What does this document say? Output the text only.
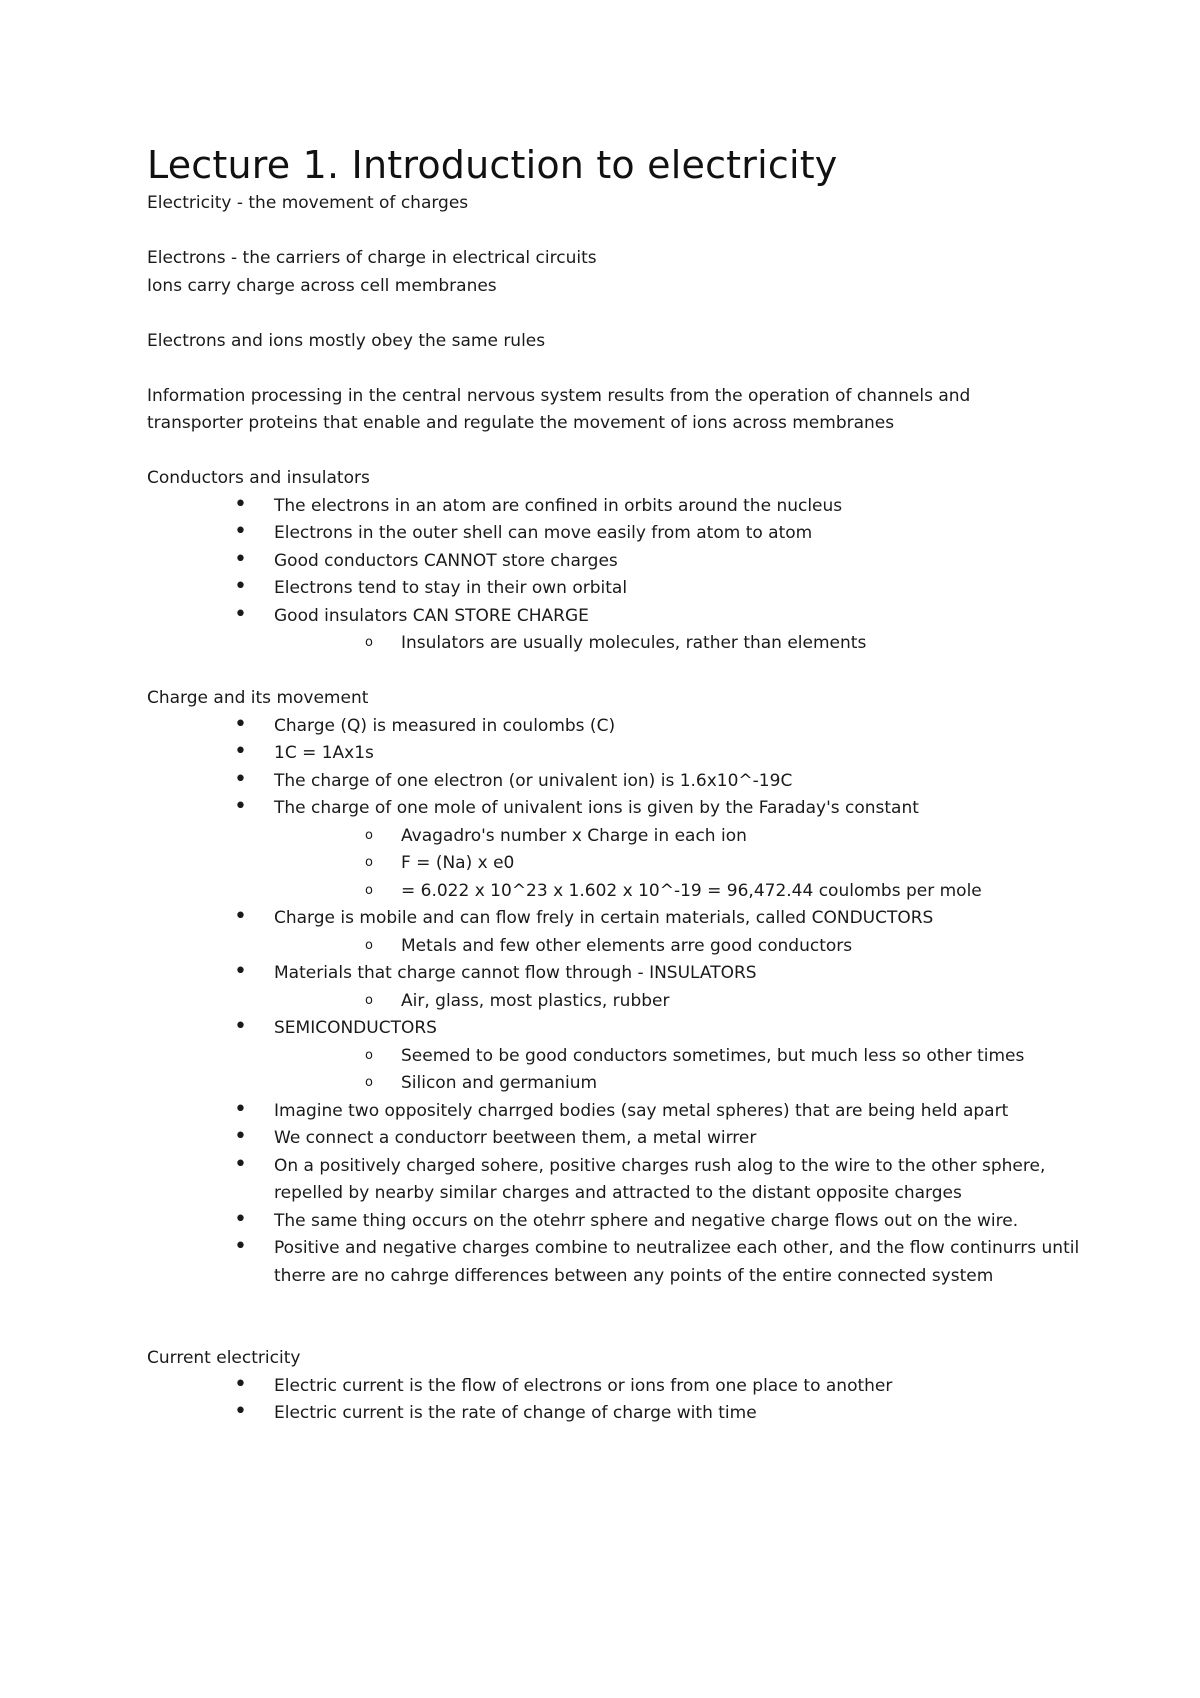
Lecture 1. Introduction to electricity
Electricity - the movement of charges
Electrons - the carriers of charge in electrical circuits
Ions carry charge across cell membranes
Electrons and ions mostly obey the same rules
Information processing in the central nervous system results from the operation of channels and
transporter proteins that enable and regulate the movement of ions across membranes
Conductors and insulators
• The electrons in an atom are confined in orbits around the nucleus
• Electrons in the outer shell can move easily from atom to atom
• Good conductors CANNOT store charges
• Electrons tend to stay in their own orbital
• Good insulators CAN STORE CHARGE
o Insulators are usually molecules, rather than elements
Charge and its movement
• Charge (Q) is measured in coulombs (C)
• 1C = 1Ax1s
• The charge of one electron (or univalent ion) is 1.6x10^-19C
• The charge of one mole of univalent ions is given by the Faraday's constant
o Avagadro's number x Charge in each ion
o F = (Na) x e0
o = 6.022 x 10^23 x 1.602 x 10^-19 = 96,472.44 coulombs per mole
• Charge is mobile and can flow frely in certain materials, called CONDUCTORS
o Metals and few other elements arre good conductors
• Materials that charge cannot flow through - INSULATORS
o Air, glass, most plastics, rubber
• SEMICONDUCTORS
o Seemed to be good conductors sometimes, but much less so other times
o Silicon and germanium
• Imagine two oppositely charrged bodies (say metal spheres) that are being held apart
• We connect a conductorr beetween them, a metal wirrer
• On a positively charged sohere, positive charges rush alog to the wire to the other sphere, repelled by nearby similar charges and attracted to the distant opposite charges
• The same thing occurs on the otehrr sphere and negative charge flows out on the wire.
• Positive and negative charges combine to neutralizee each other, and the flow continurrs until therre are no cahrge differences between any points of the entire connected system
Current electricity
• Electric current is the flow of electrons or ions from one place to another
• Electric current is the rate of change of charge with time
